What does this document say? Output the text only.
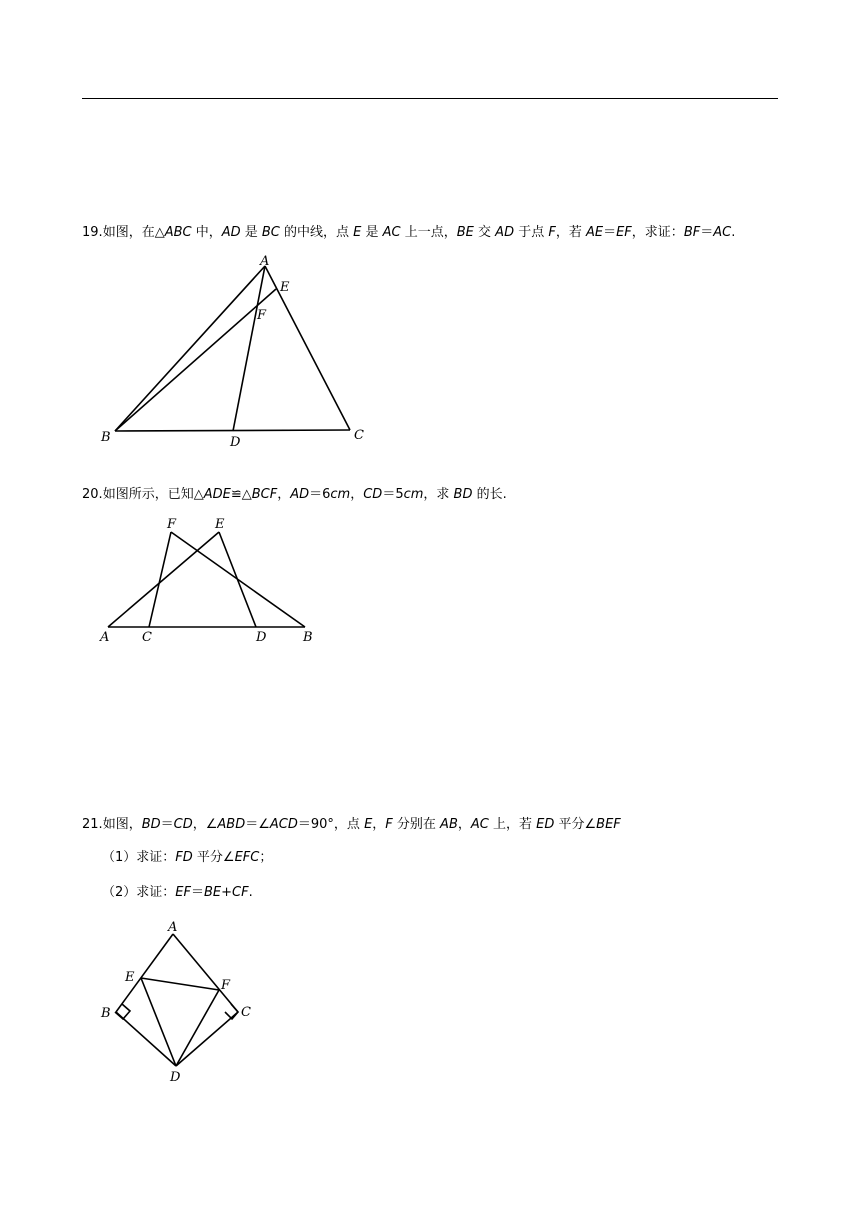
19.如图，在△ABC 中，AD 是 BC 的中线，点 E 是 AC 上一点，BE 交 AD 于点 F，若 AE＝EF，求证：BF＝AC.
A
E
F
B	D	C
20.如图所示，已知△ADE≌△BCF，AD＝6cm，CD＝5cm，求 BD 的长.
F	E
A	C	D	B
21.如图，BD＝CD，∠ABD＝∠ACD＝90°，点 E，F 分别在 AB，AC 上，若 ED 平分∠BEF
（1）求证：FD 平分∠EFC；
（2）求证：EF＝BE+CF.
A
E
F
B	C
D
